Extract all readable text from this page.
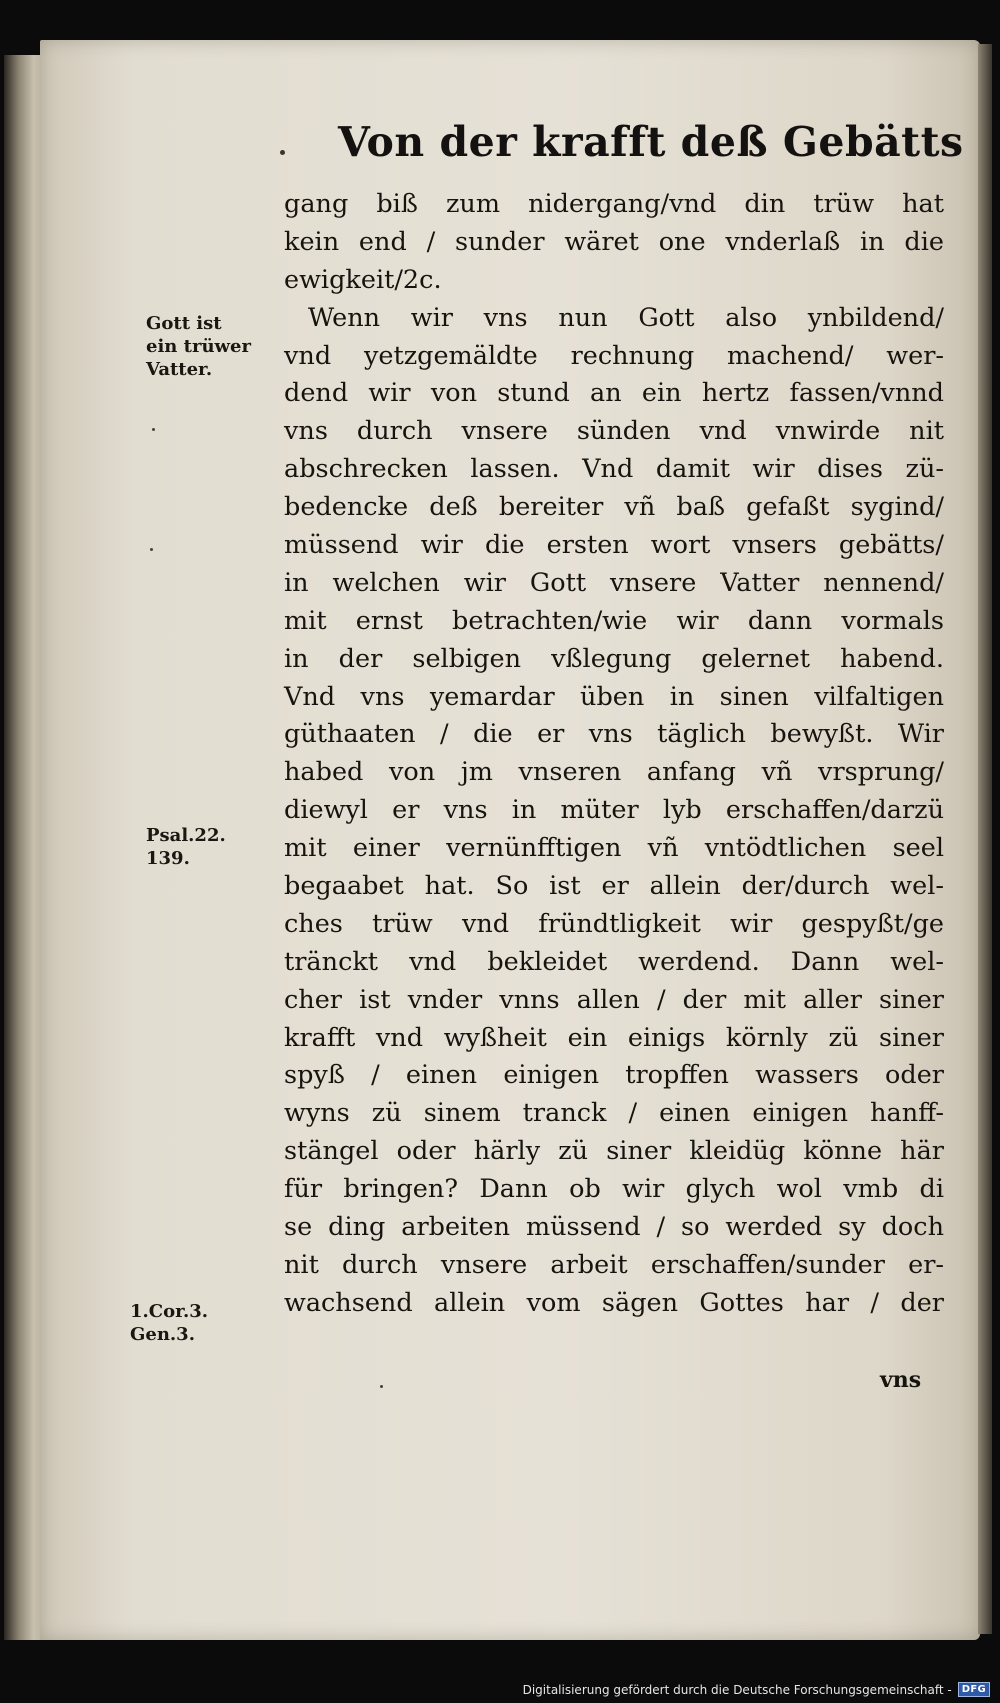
Von der krafft deß Gebätts
gang biß zum nidergang/vnd din trüw hat
kein end / sunder wäret one vnderlaß in die
ewigkeit/2c.
Wenn wir vns nun Gott also ynbildend/
vnd yetzgemäldte rechnung machend/ wer-
dend wir von stund an ein hertz fassen/vnnd
vns durch vnsere sünden vnd vnwirde nit
abschrecken lassen. Vnd damit wir dises zü-
bedencke deß bereiter vñ baß gefaßt sygind/
müssend wir die ersten wort vnsers gebätts/
in welchen wir Gott vnsere Vatter nennend/
mit ernst betrachten/wie wir dann vormals
in der selbigen vßlegung gelernet habend.
Vnd vns yemardar üben in sinen vilfaltigen
güthaaten / die er vns täglich bewyßt. Wir
habed von jm vnseren anfang vñ vrsprung/
diewyl er vns in müter lyb erschaffen/darzü
mit einer vernünfftigen vñ vntödtlichen seel
begaabet hat. So ist er allein der/durch wel-
ches trüw vnd fründtligkeit wir gespyßt/ge
tränckt vnd bekleidet werdend. Dann wel-
cher ist vnder vnns allen / der mit aller siner
krafft vnd wyßheit ein einigs körnly zü siner
spyß / einen einigen tropffen wassers oder
wyns zü sinem tranck / einen einigen hanff-
stängel oder härly zü siner kleidüg könne här
für bringen? Dann ob wir glych wol vmb di
se ding arbeiten müssend / so werded sy doch
nit durch vnsere arbeit erschaffen/sunder er-
wachsend allein vom sägen Gottes har / der
Gott ist
ein trüwer
Vatter.
Psal.22.
139.
1.Cor.3.
Gen.3.
vns
Digitalisierung gefördert durch die Deutsche Forschungsgemeinschaft -	DFG
